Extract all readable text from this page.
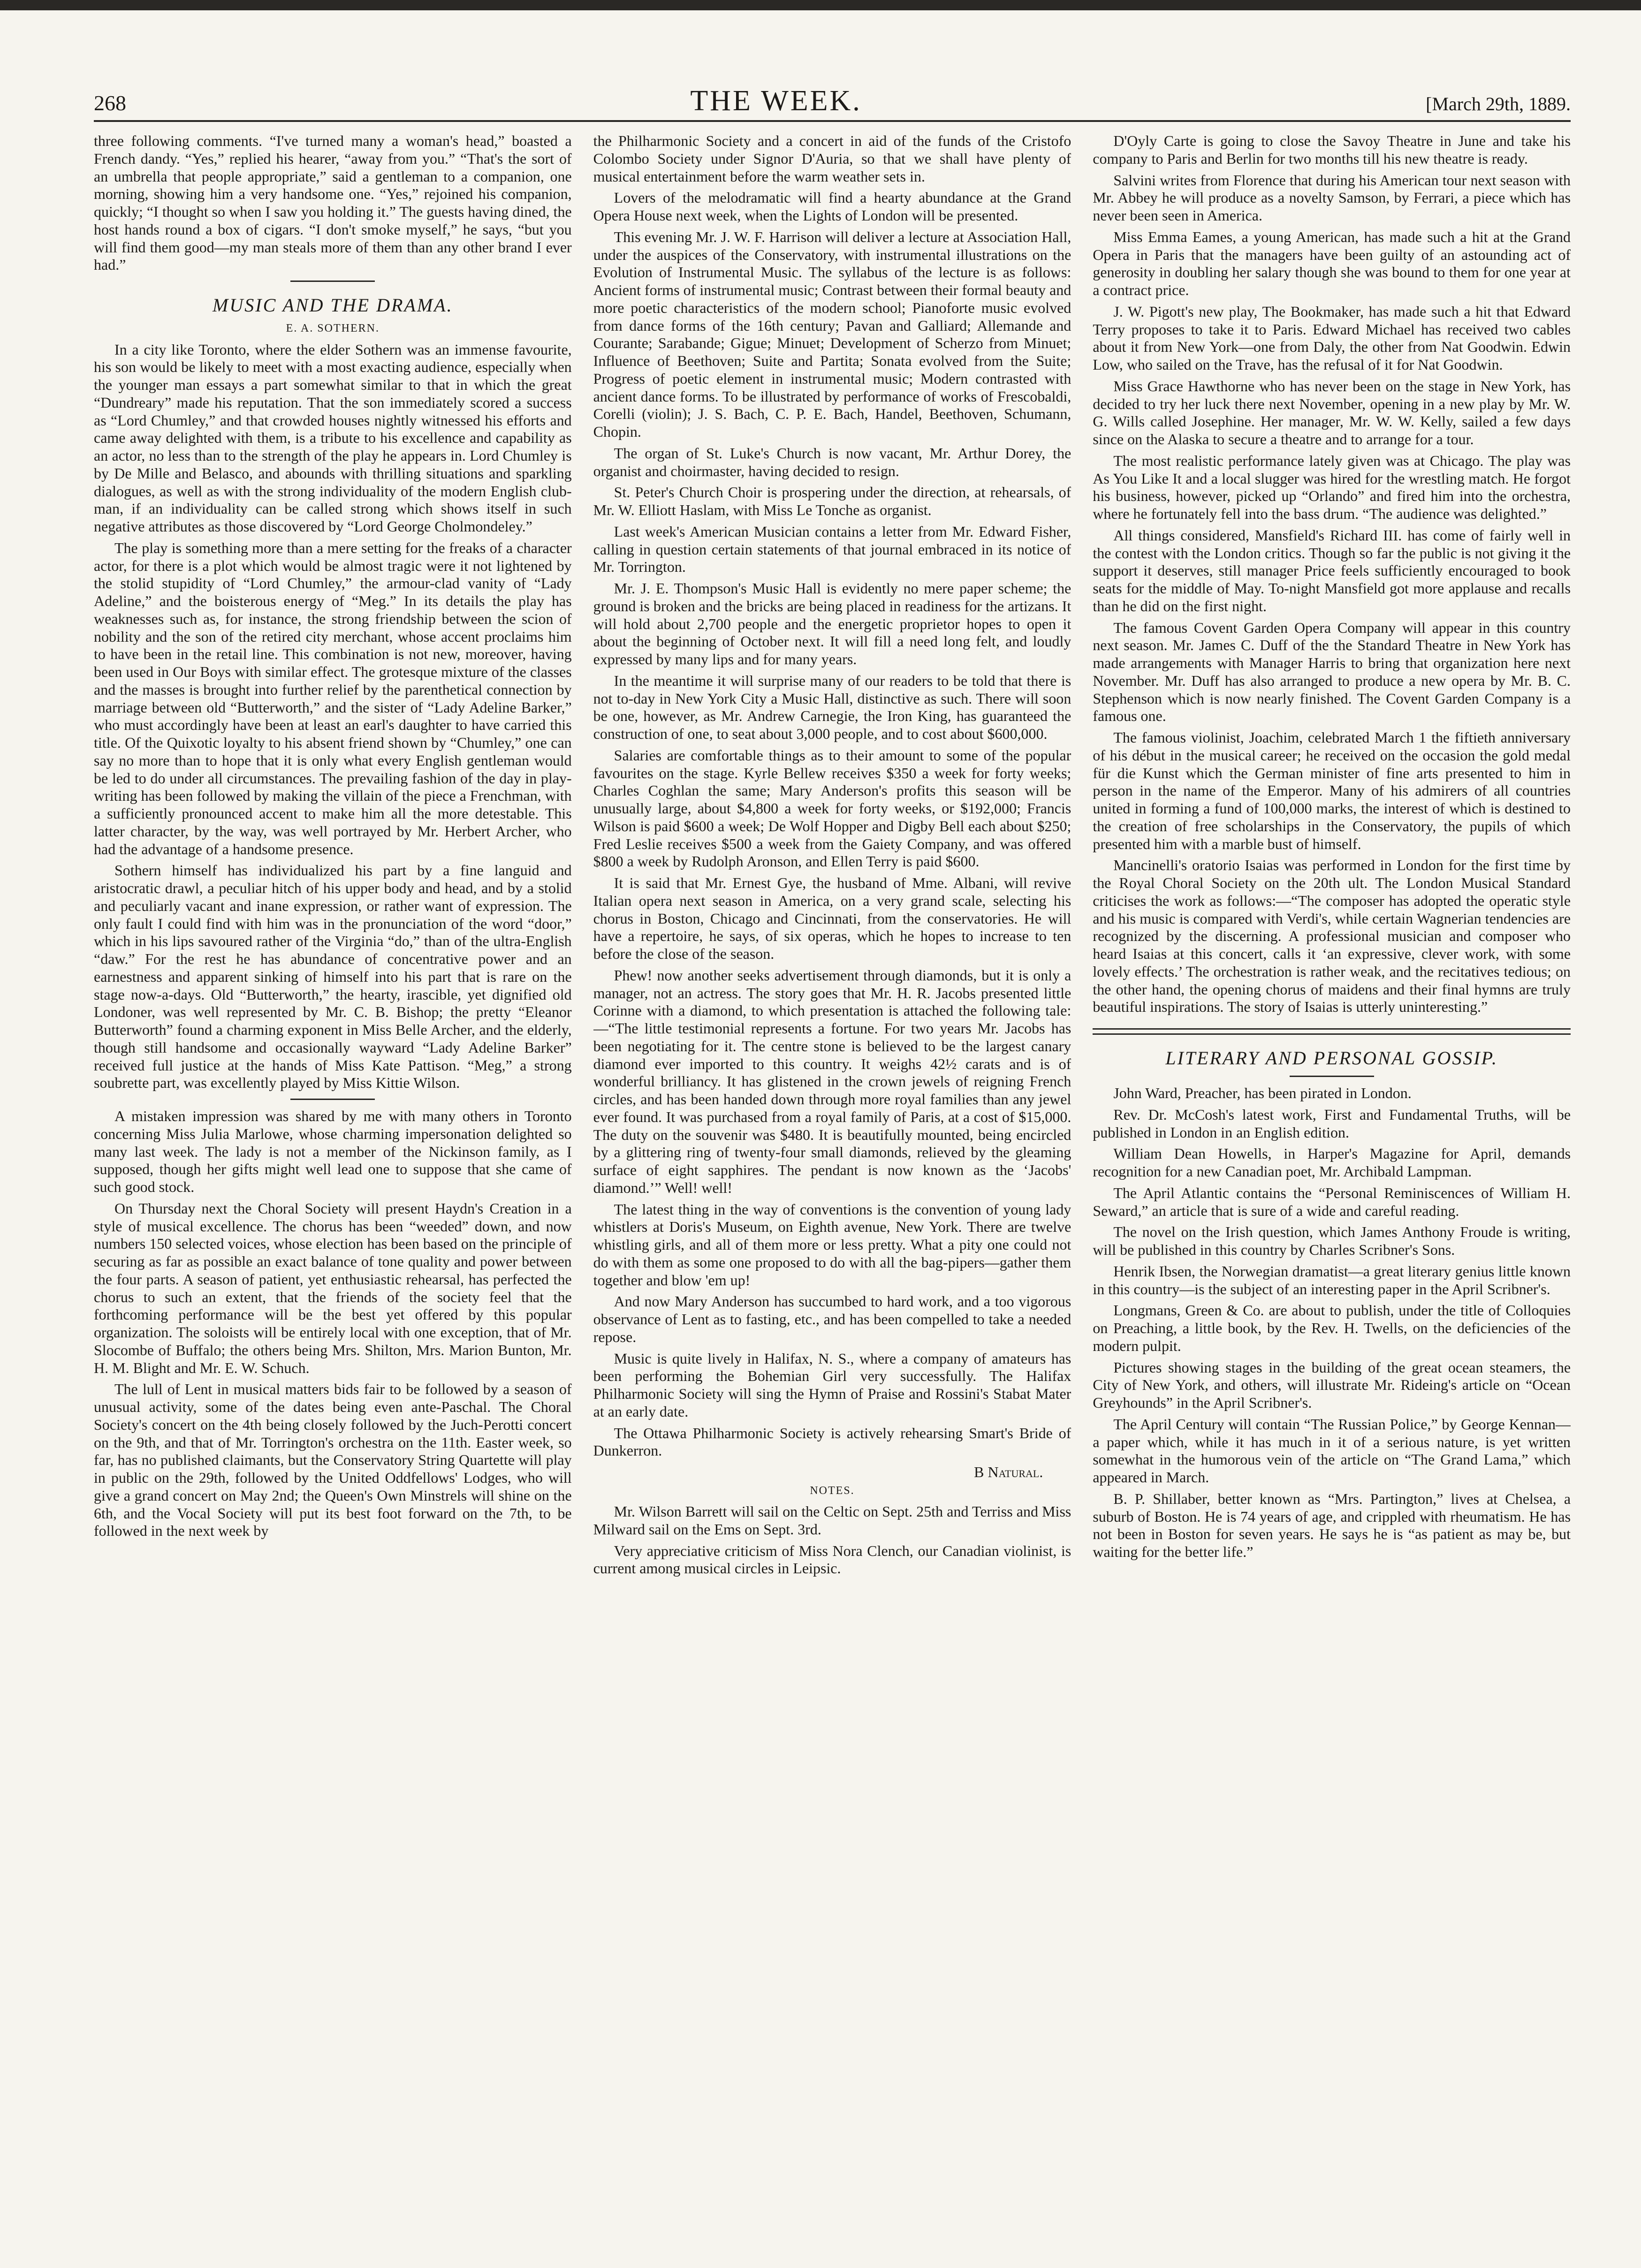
268	THE WEEK.	[March 29th, 1889.

three following comments. “I've turned many a woman's head,” boasted a French dandy. “Yes,” replied his hearer, “away from you.” “That's the sort of an umbrella that people appropriate,” said a gentleman to a companion, one morning, showing him a very handsome one. “Yes,” rejoined his companion, quickly; “I thought so when I saw you holding it.” The guests having dined, the host hands round a box of cigars. “I don't smoke myself,” he says, “but you will find them good—my man steals more of them than any other brand I ever had.”

MUSIC AND THE DRAMA.
E. A. SOTHERN.

In a city like Toronto, where the elder Sothern was an immense favourite, his son would be likely to meet with a most exacting audience, especially when the younger man essays a part somewhat similar to that in which the great “Dundreary” made his reputation. That the son immediately scored a success as “Lord Chumley,” and that crowded houses nightly witnessed his efforts and came away delighted with them, is a tribute to his excellence and capability as an actor, no less than to the strength of the play he appears in. Lord Chumley is by De Mille and Belasco, and abounds with thrilling situations and sparkling dialogues, as well as with the strong individuality of the modern English club-man, if an individuality can be called strong which shows itself in such negative attributes as those discovered by “Lord George Cholmondeley.”

The play is something more than a mere setting for the freaks of a character actor, for there is a plot which would be almost tragic were it not lightened by the stolid stupidity of “Lord Chumley,” the armour-clad vanity of “Lady Adeline,” and the boisterous energy of “Meg.” In its details the play has weaknesses such as, for instance, the strong friendship between the scion of nobility and the son of the retired city merchant, whose accent proclaims him to have been in the retail line. This combination is not new, moreover, having been used in Our Boys with similar effect. The grotesque mixture of the classes and the masses is brought into further relief by the parenthetical connection by marriage between old “Butterworth,” and the sister of “Lady Adeline Barker,” who must accordingly have been at least an earl's daughter to have carried this title. Of the Quixotic loyalty to his absent friend shown by “Chumley,” one can say no more than to hope that it is only what every English gentleman would be led to do under all circumstances. The prevailing fashion of the day in play-writing has been followed by making the villain of the piece a Frenchman, with a sufficiently pronounced accent to make him all the more detestable. This latter character, by the way, was well portrayed by Mr. Herbert Archer, who had the advantage of a handsome presence.

Sothern himself has individualized his part by a fine languid and aristocratic drawl, a peculiar hitch of his upper body and head, and by a stolid and peculiarly vacant and inane expression, or rather want of expression. The only fault I could find with him was in the pronunciation of the word “door,” which in his lips savoured rather of the Virginia “do,” than of the ultra-English “daw.” For the rest he has abundance of concentrative power and an earnestness and apparent sinking of himself into his part that is rare on the stage now-a-days. Old “Butterworth,” the hearty, irascible, yet dignified old Londoner, was well represented by Mr. C. B. Bishop; the pretty “Eleanor Butterworth” found a charming exponent in Miss Belle Archer, and the elderly, though still handsome and occasionally wayward “Lady Adeline Barker” received full justice at the hands of Miss Kate Pattison. “Meg,” a strong soubrette part, was excellently played by Miss Kittie Wilson.

A mistaken impression was shared by me with many others in Toronto concerning Miss Julia Marlowe, whose charming impersonation delighted so many last week. The lady is not a member of the Nickinson family, as I supposed, though her gifts might well lead one to suppose that she came of such good stock.

On Thursday next the Choral Society will present Haydn's Creation in a style of musical excellence. The chorus has been “weeded” down, and now numbers 150 selected voices, whose election has been based on the principle of securing as far as possible an exact balance of tone quality and power between the four parts. A season of patient, yet enthusiastic rehearsal, has perfected the chorus to such an extent, that the friends of the society feel that the forthcoming performance will be the best yet offered by this popular organization. The soloists will be entirely local with one exception, that of Mr. Slocombe of Buffalo; the others being Mrs. Shilton, Mrs. Marion Bunton, Mr. H. M. Blight and Mr. E. W. Schuch.

The lull of Lent in musical matters bids fair to be followed by a season of unusual activity, some of the dates being even ante-Paschal. The Choral Society's concert on the 4th being closely followed by the Juch-Perotti concert on the 9th, and that of Mr. Torrington's orchestra on the 11th. Easter week, so far, has no published claimants, but the Conservatory String Quartette will play in public on the 29th, followed by the United Oddfellows' Lodges, who will give a grand concert on May 2nd; the Queen's Own Minstrels will shine on the 6th, and the Vocal Society will put its best foot forward on the 7th, to be followed in the next week by

the Philharmonic Society and a concert in aid of the funds of the Cristofo Colombo Society under Signor D'Auria, so that we shall have plenty of musical entertainment before the warm weather sets in.

Lovers of the melodramatic will find a hearty abundance at the Grand Opera House next week, when the Lights of London will be presented.

This evening Mr. J. W. F. Harrison will deliver a lecture at Association Hall, under the auspices of the Conservatory, with instrumental illustrations on the Evolution of Instrumental Music. The syllabus of the lecture is as follows: Ancient forms of instrumental music; Contrast between their formal beauty and more poetic characteristics of the modern school; Pianoforte music evolved from dance forms of the 16th century; Pavan and Galliard; Allemande and Courante; Sarabande; Gigue; Minuet; Development of Scherzo from Minuet; Influence of Beethoven; Suite and Partita; Sonata evolved from the Suite; Progress of poetic element in instrumental music; Modern contrasted with ancient dance forms. To be illustrated by performance of works of Frescobaldi, Corelli (violin); J. S. Bach, C. P. E. Bach, Handel, Beethoven, Schumann, Chopin.

The organ of St. Luke's Church is now vacant, Mr. Arthur Dorey, the organist and choirmaster, having decided to resign.

St. Peter's Church Choir is prospering under the direction, at rehearsals, of Mr. W. Elliott Haslam, with Miss Le Tonche as organist.

Last week's American Musician contains a letter from Mr. Edward Fisher, calling in question certain statements of that journal embraced in its notice of Mr. Torrington.

Mr. J. E. Thompson's Music Hall is evidently no mere paper scheme; the ground is broken and the bricks are being placed in readiness for the artizans. It will hold about 2,700 people and the energetic proprietor hopes to open it about the beginning of October next. It will fill a need long felt, and loudly expressed by many lips and for many years.

In the meantime it will surprise many of our readers to be told that there is not to-day in New York City a Music Hall, distinctive as such. There will soon be one, however, as Mr. Andrew Carnegie, the Iron King, has guaranteed the construction of one, to seat about 3,000 people, and to cost about $600,000.

Salaries are comfortable things as to their amount to some of the popular favourites on the stage. Kyrle Bellew receives $350 a week for forty weeks; Charles Coghlan the same; Mary Anderson's profits this season will be unusually large, about $4,800 a week for forty weeks, or $192,000; Francis Wilson is paid $600 a week; De Wolf Hopper and Digby Bell each about $250; Fred Leslie receives $500 a week from the Gaiety Company, and was offered $800 a week by Rudolph Aronson, and Ellen Terry is paid $600.

It is said that Mr. Ernest Gye, the husband of Mme. Albani, will revive Italian opera next season in America, on a very grand scale, selecting his chorus in Boston, Chicago and Cincinnati, from the conservatories. He will have a repertoire, he says, of six operas, which he hopes to increase to ten before the close of the season.

Phew! now another seeks advertisement through diamonds, but it is only a manager, not an actress. The story goes that Mr. H. R. Jacobs presented little Corinne with a diamond, to which presentation is attached the following tale:—“The little testimonial represents a fortune. For two years Mr. Jacobs has been negotiating for it. The centre stone is believed to be the largest canary diamond ever imported to this country. It weighs 42½ carats and is of wonderful brilliancy. It has glistened in the crown jewels of reigning French circles, and has been handed down through more royal families than any jewel ever found. It was purchased from a royal family of Paris, at a cost of $15,000. The duty on the souvenir was $480. It is beautifully mounted, being encircled by a glittering ring of twenty-four small diamonds, relieved by the gleaming surface of eight sapphires. The pendant is now known as the ‘Jacobs' diamond.’” Well! well!

The latest thing in the way of conventions is the convention of young lady whistlers at Doris's Museum, on Eighth avenue, New York. There are twelve whistling girls, and all of them more or less pretty. What a pity one could not do with them as some one proposed to do with all the bag-pipers—gather them together and blow 'em up!

And now Mary Anderson has succumbed to hard work, and a too vigorous observance of Lent as to fasting, etc., and has been compelled to take a needed repose.

Music is quite lively in Halifax, N. S., where a company of amateurs has been performing the Bohemian Girl very successfully. The Halifax Philharmonic Society will sing the Hymn of Praise and Rossini's Stabat Mater at an early date.

The Ottawa Philharmonic Society is actively rehearsing Smart's Bride of Dunkerron.

B Natural.
NOTES.

Mr. Wilson Barrett will sail on the Celtic on Sept. 25th and Terriss and Miss Milward sail on the Ems on Sept. 3rd.

Very appreciative criticism of Miss Nora Clench, our Canadian violinist, is current among musical circles in Leipsic.

D'Oyly Carte is going to close the Savoy Theatre in June and take his company to Paris and Berlin for two months till his new theatre is ready.

Salvini writes from Florence that during his American tour next season with Mr. Abbey he will produce as a novelty Samson, by Ferrari, a piece which has never been seen in America.

Miss Emma Eames, a young American, has made such a hit at the Grand Opera in Paris that the managers have been guilty of an astounding act of generosity in doubling her salary though she was bound to them for one year at a contract price.

J. W. Pigott's new play, The Bookmaker, has made such a hit that Edward Terry proposes to take it to Paris. Edward Michael has received two cables about it from New York—one from Daly, the other from Nat Goodwin. Edwin Low, who sailed on the Trave, has the refusal of it for Nat Goodwin.

Miss Grace Hawthorne who has never been on the stage in New York, has decided to try her luck there next November, opening in a new play by Mr. W. G. Wills called Josephine. Her manager, Mr. W. W. Kelly, sailed a few days since on the Alaska to secure a theatre and to arrange for a tour.

The most realistic performance lately given was at Chicago. The play was As You Like It and a local slugger was hired for the wrestling match. He forgot his business, however, picked up “Orlando” and fired him into the orchestra, where he fortunately fell into the bass drum. “The audience was delighted.”

All things considered, Mansfield's Richard III. has come of fairly well in the contest with the London critics. Though so far the public is not giving it the support it deserves, still manager Price feels sufficiently encouraged to book seats for the middle of May. To-night Mansfield got more applause and recalls than he did on the first night.

The famous Covent Garden Opera Company will appear in this country next season. Mr. James C. Duff of the the Standard Theatre in New York has made arrangements with Manager Harris to bring that organization here next November. Mr. Duff has also arranged to produce a new opera by Mr. B. C. Stephenson which is now nearly finished. The Covent Garden Company is a famous one.

The famous violinist, Joachim, celebrated March 1 the fiftieth anniversary of his début in the musical career; he received on the occasion the gold medal für die Kunst which the German minister of fine arts presented to him in person in the name of the Emperor. Many of his admirers of all countries united in forming a fund of 100,000 marks, the interest of which is destined to the creation of free scholarships in the Conservatory, the pupils of which presented him with a marble bust of himself.

Mancinelli's oratorio Isaias was performed in London for the first time by the Royal Choral Society on the 20th ult. The London Musical Standard criticises the work as follows:—“The composer has adopted the operatic style and his music is compared with Verdi's, while certain Wagnerian tendencies are recognized by the discerning. A professional musician and composer who heard Isaias at this concert, calls it ‘an expressive, clever work, with some lovely effects.’ The orchestration is rather weak, and the recitatives tedious; on the other hand, the opening chorus of maidens and their final hymns are truly beautiful inspirations. The story of Isaias is utterly uninteresting.”

LITERARY AND PERSONAL GOSSIP.

John Ward, Preacher, has been pirated in London.

Rev. Dr. McCosh's latest work, First and Fundamental Truths, will be published in London in an English edition.

William Dean Howells, in Harper's Magazine for April, demands recognition for a new Canadian poet, Mr. Archibald Lampman.

The April Atlantic contains the “Personal Reminiscences of William H. Seward,” an article that is sure of a wide and careful reading.

The novel on the Irish question, which James Anthony Froude is writing, will be published in this country by Charles Scribner's Sons.

Henrik Ibsen, the Norwegian dramatist—a great literary genius little known in this country—is the subject of an interesting paper in the April Scribner's.

Longmans, Green & Co. are about to publish, under the title of Colloquies on Preaching, a little book, by the Rev. H. Twells, on the deficiencies of the modern pulpit.

Pictures showing stages in the building of the great ocean steamers, the City of New York, and others, will illustrate Mr. Rideing's article on “Ocean Greyhounds” in the April Scribner's.

The April Century will contain “The Russian Police,” by George Kennan—a paper which, while it has much in it of a serious nature, is yet written somewhat in the humorous vein of the article on “The Grand Lama,” which appeared in March.

B. P. Shillaber, better known as “Mrs. Partington,” lives at Chelsea, a suburb of Boston. He is 74 years of age, and crippled with rheumatism. He has not been in Boston for seven years. He says he is “as patient as may be, but waiting for the better life.”
